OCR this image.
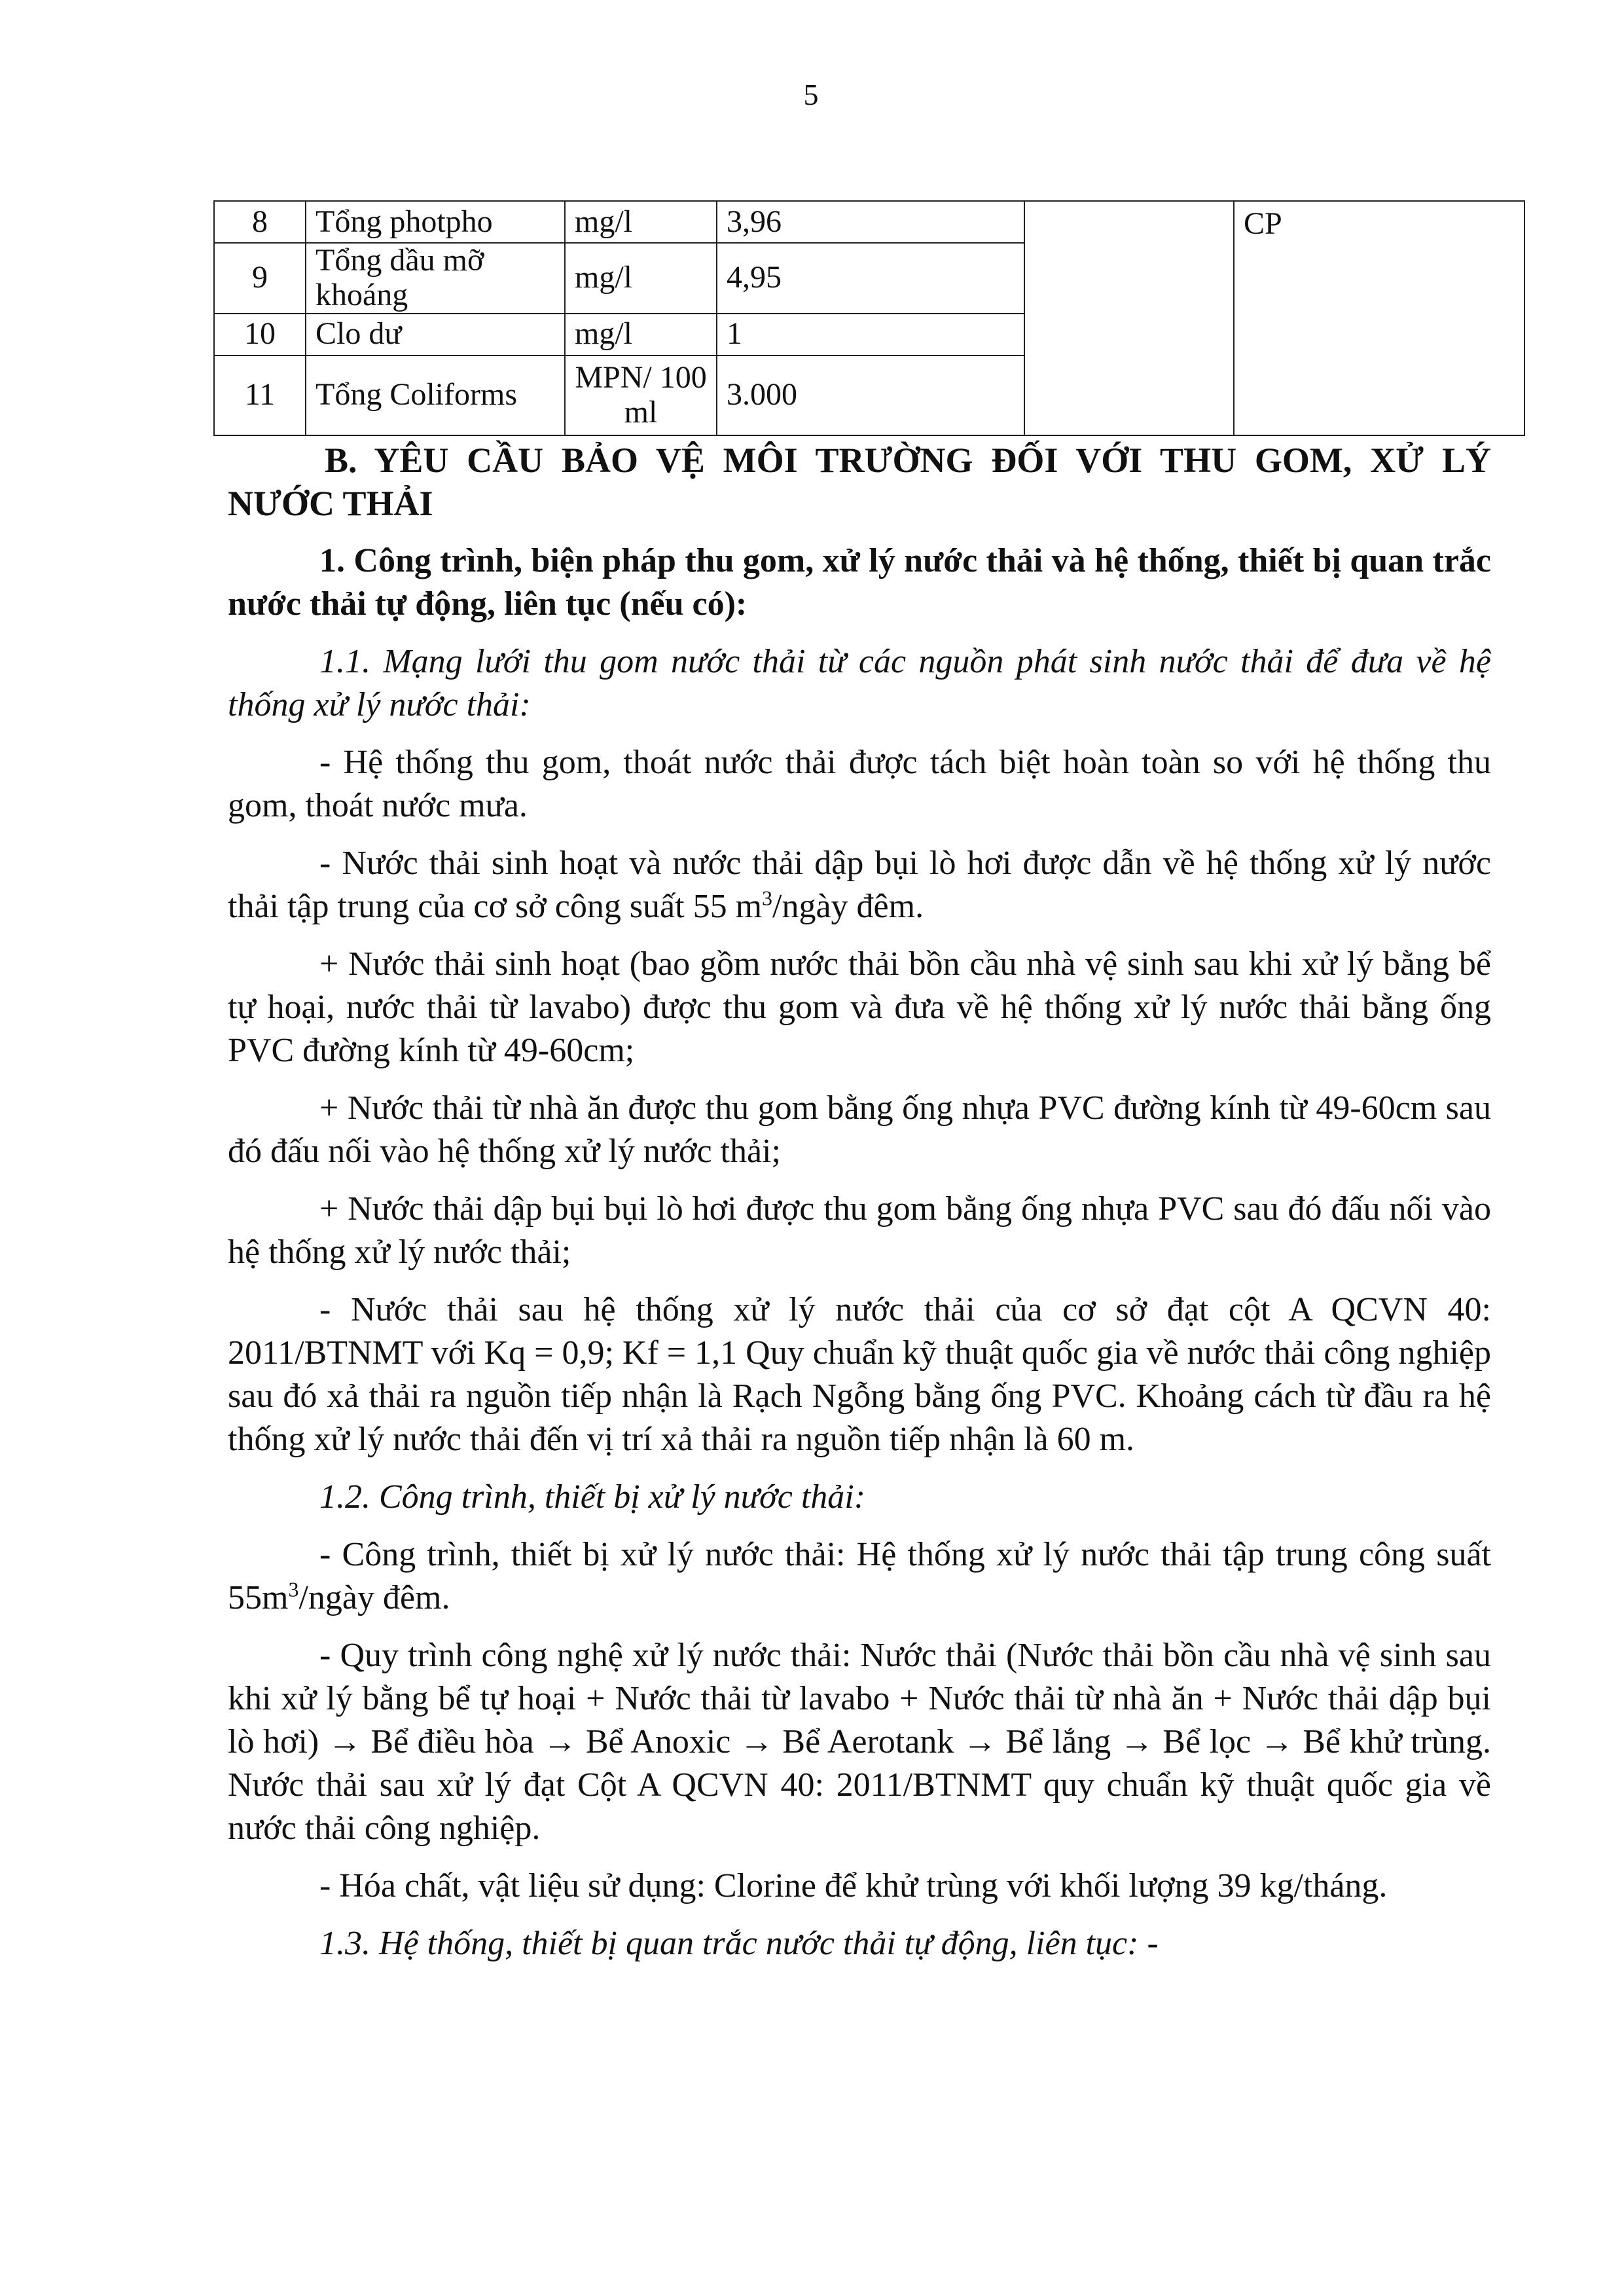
5
8	Tổng photpho	mg/l	3,96		CP
9	Tổng dầu mỡ khoáng	mg/l	4,95		
10	Clo dư	mg/l	1		
11	Tổng Coliforms	MPN/ 100 ml	3.000		

B. YÊU CẦU BẢO VỆ MÔI TRƯỜNG ĐỐI VỚI THU GOM, XỬ LÝ NƯỚC THẢI

1. Công trình, biện pháp thu gom, xử lý nước thải và hệ thống, thiết bị quan trắc nước thải tự động, liên tục (nếu có):

1.1. Mạng lưới thu gom nước thải từ các nguồn phát sinh nước thải để đưa về hệ thống xử lý nước thải:

- Hệ thống thu gom, thoát nước thải được tách biệt hoàn toàn so với hệ thống thu gom, thoát nước mưa.

- Nước thải sinh hoạt và nước thải dập bụi lò hơi được dẫn về hệ thống xử lý nước thải tập trung của cơ sở công suất 55 $m^3$/ngày đêm.

+ Nước thải sinh hoạt (bao gồm nước thải bồn cầu nhà vệ sinh sau khi xử lý bằng bể tự hoại, nước thải từ lavabo) được thu gom và đưa về hệ thống xử lý nước thải bằng ống PVC đường kính từ 49-60cm;

+ Nước thải từ nhà ăn được thu gom bằng ống nhựa PVC đường kính từ 49-60cm sau đó đấu nối vào hệ thống xử lý nước thải;

+ Nước thải dập bụi bụi lò hơi được thu gom bằng ống nhựa PVC sau đó đấu nối vào hệ thống xử lý nước thải;

- Nước thải sau hệ thống xử lý nước thải của cơ sở đạt cột A QCVN 40: 2011/BTNMT với Kq = 0,9; Kf = 1,1 Quy chuẩn kỹ thuật quốc gia về nước thải công nghiệp sau đó xả thải ra nguồn tiếp nhận là Rạch Ngỗng bằng ống PVC. Khoảng cách từ đầu ra hệ thống xử lý nước thải đến vị trí xả thải ra nguồn tiếp nhận là 60 m.

1.2. Công trình, thiết bị xử lý nước thải:

- Công trình, thiết bị xử lý nước thải: Hệ thống xử lý nước thải tập trung công suất $55m^3$/ngày đêm.

- Quy trình công nghệ xử lý nước thải: Nước thải (Nước thải bồn cầu nhà vệ sinh sau khi xử lý bằng bể tự hoại + Nước thải từ lavabo + Nước thải từ nhà ăn + Nước thải dập bụi lò hơi) → Bể điều hòa → Bể Anoxic → Bể Aerotank → Bể lắng → Bể lọc → Bể khử trùng. Nước thải sau xử lý đạt Cột A QCVN 40: 2011/BTNMT quy chuẩn kỹ thuật quốc gia về nước thải công nghiệp.

- Hóa chất, vật liệu sử dụng: Clorine để khử trùng với khối lượng 39 kg/tháng.

1.3. Hệ thống, thiết bị quan trắc nước thải tự động, liên tục: -
